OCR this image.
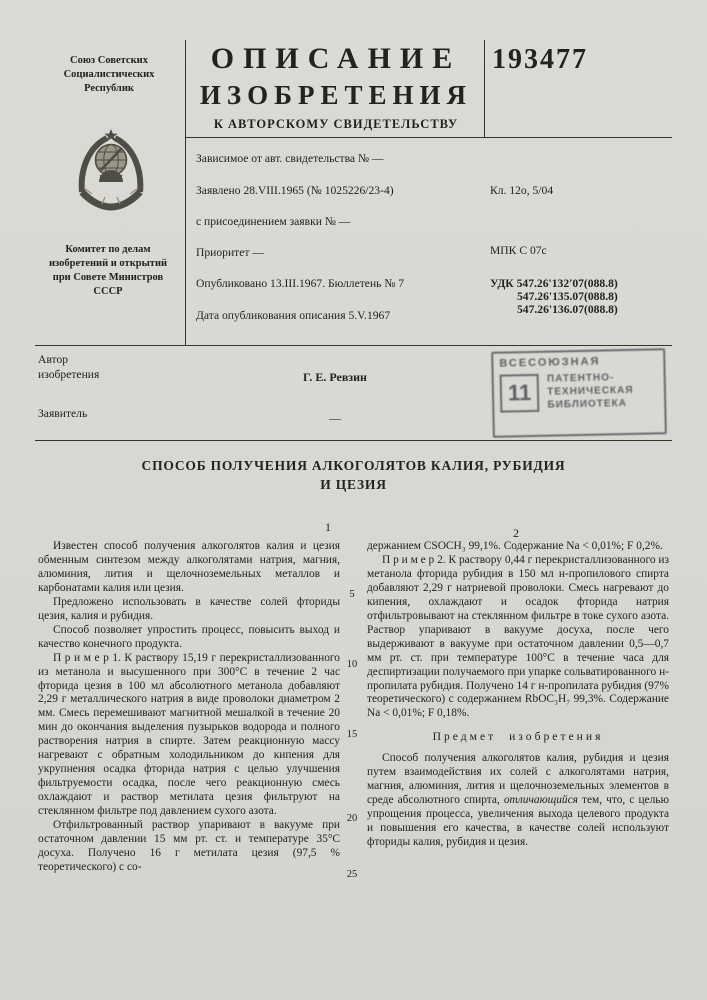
Союз Советских
Социалистических
Республик
Комитет по делам
изобретений и открытий
при Совете Министров
СССР
ОПИСАНИЕ
ИЗОБРЕТЕНИЯ
К АВТОРСКОМУ СВИДЕТЕЛЬСТВУ
193477
Зависимое от авт. свидетельства № —
Заявлено 28.VIII.1965 (№ 1025226/23-4)
с присоединением заявки № —
Приоритет —
Опубликовано 13.III.1967. Бюллетень № 7
Дата опубликования описания 5.V.1967
Кл. 12о, 5/04
МПК С 07с
УДК 547.26'132'07(088.8)
547.26'135.07(088.8)
547.26'136.07(088.8)
Автор
изобретения	Г. Е. Ревзин
Заявитель	—
ВСЕСОЮЗНАЯ
11
ПАТЕНТНО-
ТЕХНИЧЕСКАЯ
БИБЛИОТЕКА
СПОСОБ ПОЛУЧЕНИЯ АЛКОГОЛЯТОВ КАЛИЯ, РУБИДИЯ
И ЦЕЗИЯ
1	2
5
10
15
20
25

Известен способ получения алкоголятов калия и цезия обменным синтезом между алкоголятами натрия, магния, алюминия, лития и щелочноземельных металлов и карбонатами калия или цезия.

Предложено использовать в качестве солей фториды цезия, калия и рубидия.

Способ позволяет упростить процесс, повысить выход и качество конечного продукта.

П р и м е р 1. К раствору 15,19 г перекристаллизованного из метанола и высушенного при 300°С в течение 2 час фторида цезия в 100 мл абсолютного метанола добавляют 2,29 г металлического натрия в виде проволоки диаметром 2 мм. Смесь перемешивают магнитной мешалкой в течение 20 мин до окончания выделения пузырьков водорода и полного растворения натрия в спирте. Затем реакционную массу нагревают с обратным холодильником до кипения для укрупнения осадка фторида натрия с целью улучшения фильтруемости осадка, после чего реакционную смесь охлаждают и раствор метилата цезия фильтруют на стеклянном фильтре под давлением сухого азота.

Отфильтрованный раствор упаривают в вакууме при остаточном давлении 15 мм рт. ст. и температуре 35°С досуха. Получено 16 г метилата цезия (97,5 % теоретического) с со-

держанием CSOCH₃ 99,1%. Содержание Na < 0,01%; F 0,2%.

П р и м е р 2. К раствору 0,44 г перекристаллизованного из метанола фторида рубидия в 150 мл н-пропилового спирта добавляют 2,29 г натриевой проволоки. Смесь нагревают до кипения, охлаждают и осадок фторида натрия отфильтровывают на стеклянном фильтре в токе сухого азота. Раствор упаривают в вакууме досуха, после чего выдерживают в вакууме при остаточном давлении 0,5—0,7 мм рт. ст. при температуре 100°С в течение часа для деспиртизации получаемого при упарке сольватированного н-пропилата рубидия. Получено 14 г н-пропилата рубидия (97% теоретического) с содержанием RbOC₃H₇ 99,3%. Содержание Na < 0,01%; F 0,18%.

Предмет изобретения

Способ получения алкоголятов калия, рубидия и цезия путем взаимодействия их солей с алкоголятами натрия, магния, алюминия, лития и щелочноземельных элементов в среде абсолютного спирта, отличающийся тем, что, с целью упрощения процесса, увеличения выхода целевого продукта и повышения его качества, в качестве солей используют фториды калия, рубидия и цезия.
